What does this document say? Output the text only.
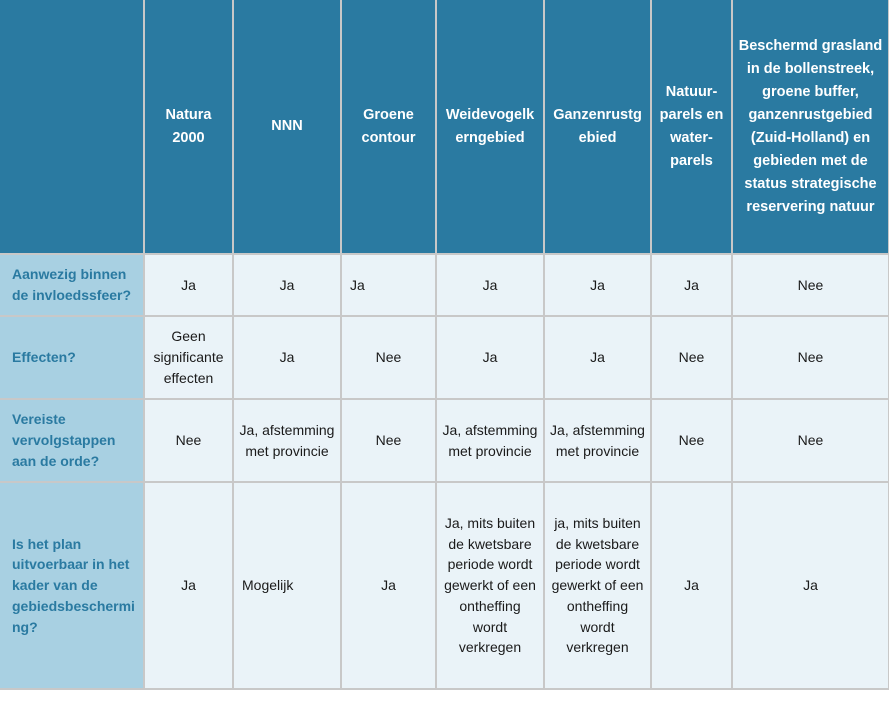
	Natura 2000	NNN	Groene contour	Weidevogelkerngebied	Ganzenrustgebied	Natuur-parels en water-parels	Beschermd grasland in de bollenstreek, groene buffer, ganzenrustgebied (Zuid-Holland) en gebieden met de status strategische reservering natuur
Aanwezig binnen de invloedssfeer?	Ja	Ja	Ja	Ja	Ja	Ja	Nee
Effecten?	Geen significante effecten	Ja	Nee	Ja	Ja	Nee	Nee
Vereiste vervolgstappen aan de orde?	Nee	Ja, afstemming met provincie	Nee	Ja, afstemming met provincie	Ja, afstemming met provincie	Nee	Nee
Is het plan uitvoerbaar in het kader van de gebiedsbescherming?	Ja	Mogelijk	Ja	Ja, mits buiten de kwetsbare periode wordt gewerkt of een ontheffing wordt verkregen	ja, mits buiten de kwetsbare periode wordt gewerkt of een ontheffing wordt verkregen	Ja	Ja
